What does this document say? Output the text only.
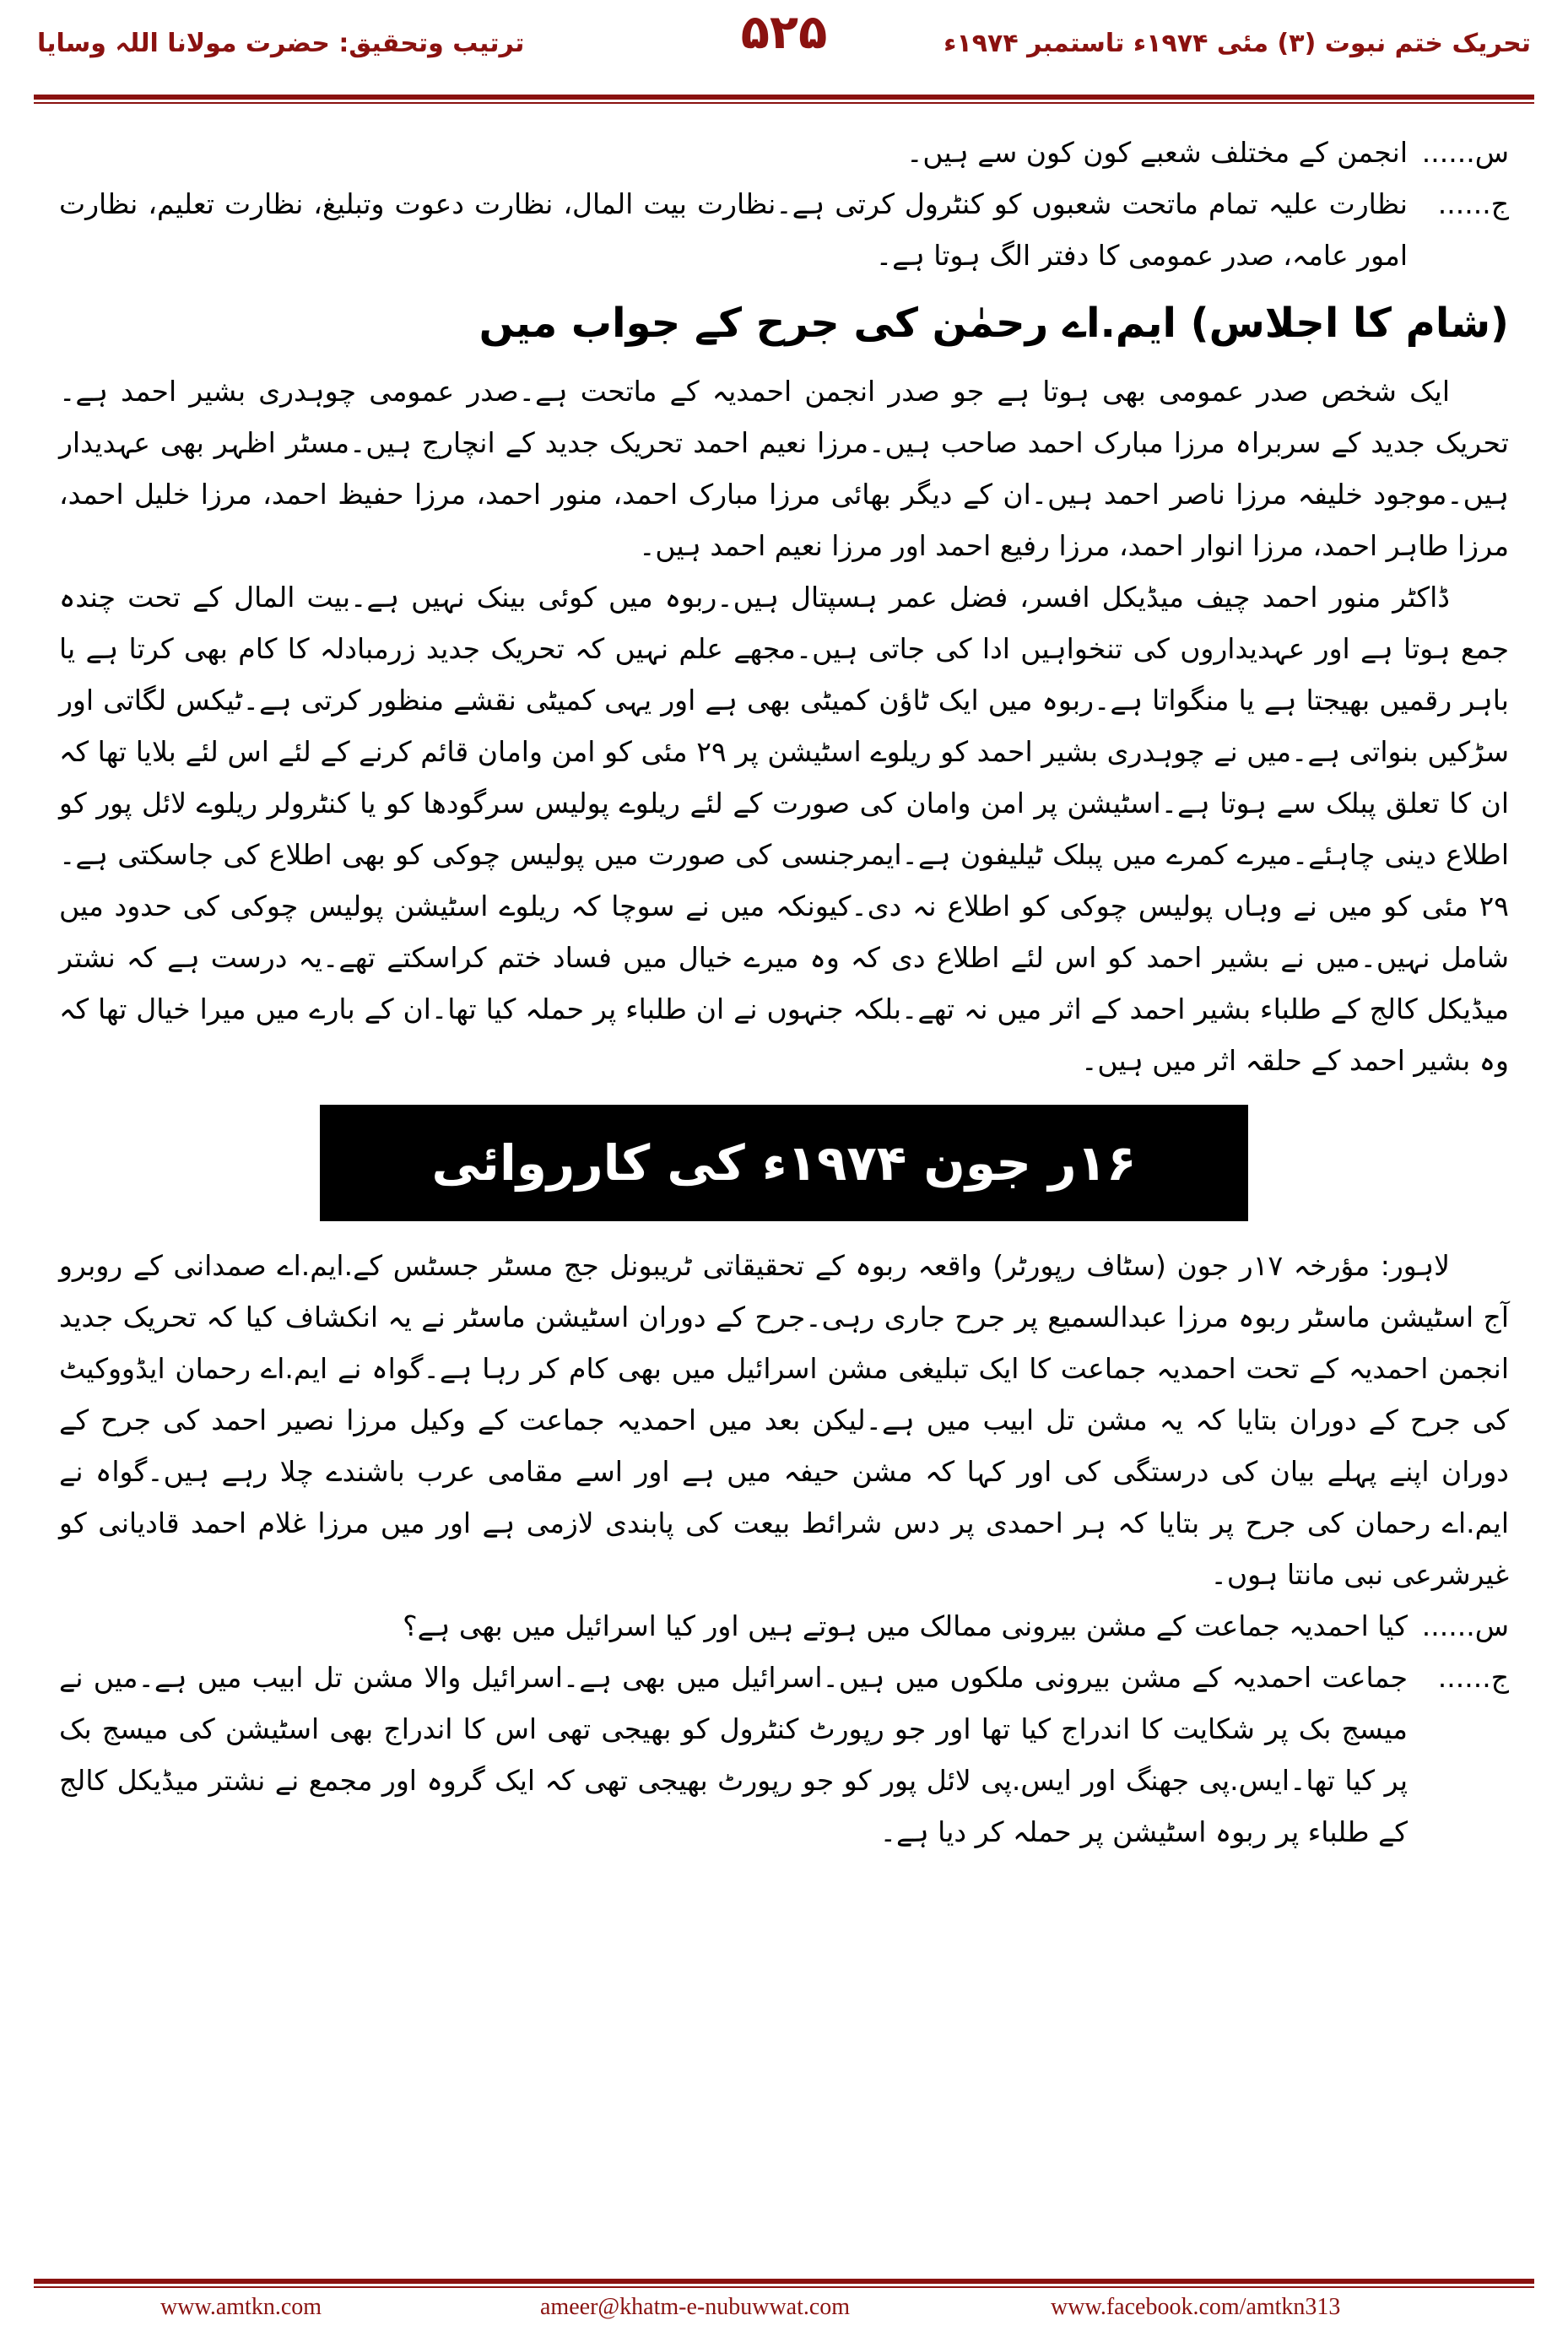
ترتیب وتحقیق: حضرت مولانا اللہ وسایا	۵۲۵	تحریک ختم نبوت (۳) مئی ۱۹۷۴ء تاستمبر ۱۹۷۴ء
س......
انجمن کے مختلف شعبے کون کون سے ہیں۔
ج......
نظارت علیہ تمام ماتحت شعبوں کو کنٹرول کرتی ہے۔نظارت بیت المال، نظارت دعوت وتبلیغ، نظارت تعلیم، نظارت امور عامہ، صدر عمومی کا دفتر الگ ہوتا ہے۔
(شام کا اجلاس) ایم.اے رحمٰن کی جرح کے جواب میں

ایک شخص صدر عمومی بھی ہوتا ہے جو صدر انجمن احمدیہ کے ماتحت ہے۔صدر عمومی چوہدری بشیر احمد ہے۔تحریک جدید کے سربراہ مرزا مبارک احمد صاحب ہیں۔مرزا نعیم احمد تحریک جدید کے انچارج ہیں۔مسٹر اظہر بھی عہدیدار ہیں۔موجود خلیفہ مرزا ناصر احمد ہیں۔ان کے دیگر بھائی مرزا مبارک احمد، منور احمد، مرزا حفیظ احمد، مرزا خلیل احمد، مرزا طاہر احمد، مرزا انوار احمد، مرزا رفیع احمد اور مرزا نعیم احمد ہیں۔

ڈاکٹر منور احمد چیف میڈیکل افسر، فضل عمر ہسپتال ہیں۔ربوہ میں کوئی بینک نہیں ہے۔بیت المال کے تحت چندہ جمع ہوتا ہے اور عہدیداروں کی تنخواہیں ادا کی جاتی ہیں۔مجھے علم نہیں کہ تحریک جدید زرمبادلہ کا کام بھی کرتا ہے یا باہر رقمیں بھیجتا ہے یا منگواتا ہے۔ربوہ میں ایک ٹاؤن کمیٹی بھی ہے اور یہی کمیٹی نقشے منظور کرتی ہے۔ٹیکس لگاتی اور سڑکیں بنواتی ہے۔میں نے چوہدری بشیر احمد کو ریلوے اسٹیشن پر ۲۹ مئی کو امن وامان قائم کرنے کے لئے اس لئے بلایا تھا کہ ان کا تعلق پبلک سے ہوتا ہے۔اسٹیشن پر امن وامان کی صورت کے لئے ریلوے پولیس سرگودھا کو یا کنٹرولر ریلوے لائل پور کو اطلاع دینی چاہئے۔میرے کمرے میں پبلک ٹیلیفون ہے۔ایمرجنسی کی صورت میں پولیس چوکی کو بھی اطلاع کی جاسکتی ہے۔۲۹ مئی کو میں نے وہاں پولیس چوکی کو اطلاع نہ دی۔کیونکہ میں نے سوچا کہ ریلوے اسٹیشن پولیس چوکی کی حدود میں شامل نہیں۔میں نے بشیر احمد کو اس لئے اطلاع دی کہ وہ میرے خیال میں فساد ختم کراسکتے تھے۔یہ درست ہے کہ نشتر میڈیکل کالج کے طلباء بشیر احمد کے اثر میں نہ تھے۔بلکہ جنہوں نے ان طلباء پر حملہ کیا تھا۔ان کے بارے میں میرا خیال تھا کہ وہ بشیر احمد کے حلقہ اثر میں ہیں۔

۱۶ر جون ۱۹۷۴ء کی کارروائی

لاہور: مؤرخہ ۱۷ر جون (سٹاف رپورٹر) واقعہ ربوہ کے تحقیقاتی ٹریبونل جج مسٹر جسٹس کے.ایم.اے صمدانی کے روبرو آج اسٹیشن ماسٹر ربوہ مرزا عبدالسمیع پر جرح جاری رہی۔جرح کے دوران اسٹیشن ماسٹر نے یہ انکشاف کیا کہ تحریک جدید انجمن احمدیہ کے تحت احمدیہ جماعت کا ایک تبلیغی مشن اسرائیل میں بھی کام کر رہا ہے۔گواہ نے ایم.اے رحمان ایڈووکیٹ کی جرح کے دوران بتایا کہ یہ مشن تل ابیب میں ہے۔لیکن بعد میں احمدیہ جماعت کے وکیل مرزا نصیر احمد کی جرح کے دوران اپنے پہلے بیان کی درستگی کی اور کہا کہ مشن حیفہ میں ہے اور اسے مقامی عرب باشندے چلا رہے ہیں۔گواہ نے ایم.اے رحمان کی جرح پر بتایا کہ ہر احمدی پر دس شرائط بیعت کی پابندی لازمی ہے اور میں مرزا غلام احمد قادیانی کو غیرشرعی نبی مانتا ہوں۔

س......
کیا احمدیہ جماعت کے مشن بیرونی ممالک میں ہوتے ہیں اور کیا اسرائیل میں بھی ہے؟
ج......
جماعت احمدیہ کے مشن بیرونی ملکوں میں ہیں۔اسرائیل میں بھی ہے۔اسرائیل والا مشن تل ابیب میں ہے۔میں نے میسج بک پر شکایت کا اندراج کیا تھا اور جو رپورٹ کنٹرول کو بھیجی تھی اس کا اندراج بھی اسٹیشن کی میسج بک پر کیا تھا۔ایس.پی جھنگ اور ایس.پی لائل پور کو جو رپورٹ بھیجی تھی کہ ایک گروہ اور مجمع نے نشتر میڈیکل کالج کے طلباء پر ربوہ اسٹیشن پر حملہ کر دیا ہے۔
www.amtkn.com	ameer@khatm-e-nubuwwat.com	www.facebook.com/amtkn313
